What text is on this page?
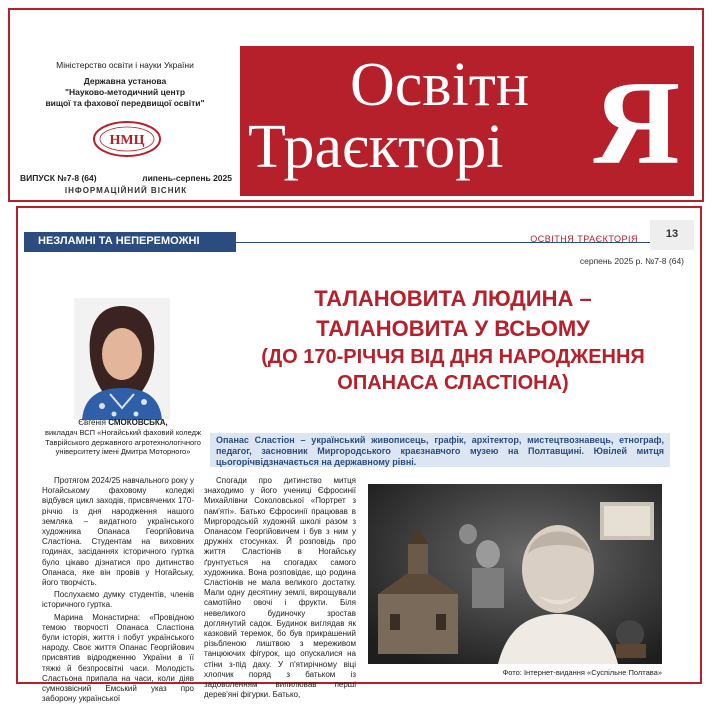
Міністерство освіти і науки України
Державна установа
"Науково-методичний центр
вищої та фахової передвищої освіти"
НМЦ
ВИПУСК №7-8 (64)	липень-серпень 2025
ІНФОРМАЦІЙНИЙ ВІСНИК
Освітн
Траєкторі Я
НЕЗЛАМНІ ТА НЕПЕРЕМОЖНІ	ОСВІТНЯ ТРАЄКТОРІЯ	13
серпень 2025 р. №7-8 (64)
ТАЛАНОВИТА ЛЮДИНА –
ТАЛАНОВИТА У ВСЬОМУ
(ДО 170-РІЧЧЯ ВІД ДНЯ НАРОДЖЕННЯ
ОПАНАСА СЛАСТІОНА)
Євгенія СМОКОВСЬКА,
викладач ВСП «Ногайський фаховий коледж Таврійського державного агротехнологічного університету імені Дмитра Моторного»
Опанас Сластіон – український живописець, графік, архітектор, мистецтвознавець, етнограф, педагог, засновник Миргородського краєзнавчого музею на Полтавщині. Ювілей митця цьогорічвідзначається на державному рівні.

Протягом 2024/25 навчального року у Ногайському фаховому коледжі відбувся цикл заходів, присвячених 170-річчю із дня народження нашого земляка – видатного українського художника Опанаса Георгійовича Сластіона. Студентам на виховних годинах, засіданнях історичного гуртка було цікаво дізнатися про дитинство Опанаса, яке він провів у Ногайську, його творчість.

Послухаємо думку студентів, членів історичного гуртка.

Марина Монастирна: «Провідною темою творчості Опанаса Сластіона були історія, життя і побут українського народу. Своє життя Опанас Георгійович присвятив відродженню України в її тяжкі й безпросвітні часи. Молодість Сластьона припала на часи, коли діяв сумнозвісний Емський указ про заборону української

Спогади про дитинство митця знаходимо у його учениці Єфросинії Михайлівни Соколовської «Портрет з пам'яті». Батько Єфросинії працював в Миргородській художній школі разом з Опанасом Георгійовичем і був з ним у дружніх стосунках. Й розповідь про життя Сластіонів в Ногайську ґрунтується на спогадах самого художника. Вона розповідає, що родина Сластіонів не мала великого достатку. Мали одну десятину землі, вирощували самотійно овочі і фрукти. Біля невеликого будиночку зростав доглянутий садок. Будинок виглядав як казковий теремок, бо був прикрашений різьбленою лиштвою з мереживом танцюючих фігурок, що опускалися на стіни з-під даху. У п'ятирічному віці хлопчик поряд з батьком із задоволенням випилював перші дерев'яні фігурки. Батько,

Фото: Інтернет-видання «Суспільне Полтава»
